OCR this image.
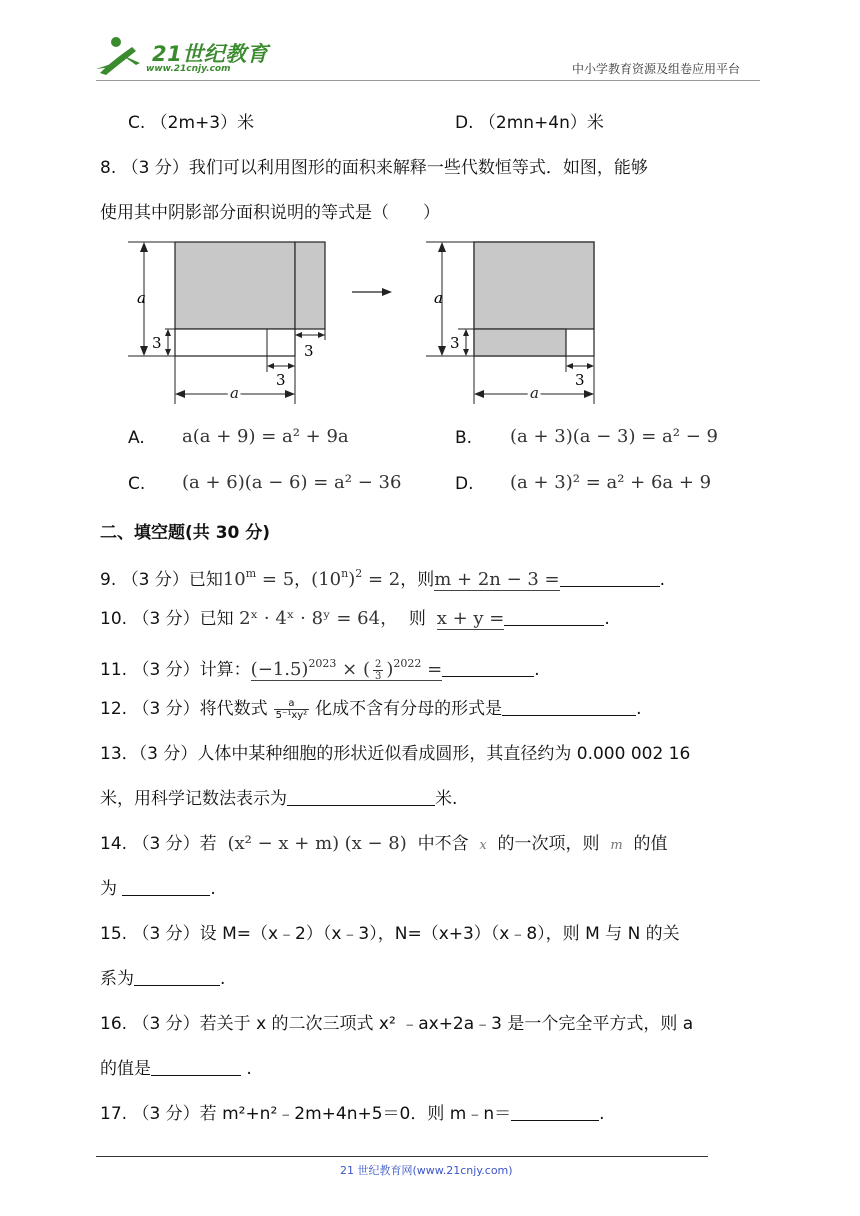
21世纪教育
www.21cnjy.com	中小学教育资源及组卷应用平台
C. （2m+3）米	D. （2mn+4n）米
8. （3 分）我们可以利用图形的面积来解释一些代数恒等式．如图，能够
使用其中阴影部分面积说明的等式是（　　）
a
3	3
3
a
a
3
3
a
A. a(a + 9) = a² + 9a	B. (a + 3)(a − 3) = a² − 9
C. (a + 6)(a − 6) = a² − 36	D. (a + 3)² = a² + 6a + 9
二、填空题(共 30 分)
9. （3 分）已知$10^m = 5$，$(10^n)^2 = 2$，则m + 2n − 3 =	.
10. （3 分）已知 2ˣ · 4ˣ · 8ʸ = 64， 则 x + y =	.
11. （3 分）计算：$(-1.5)^{2023}$ × ( $\frac{2}{3} )^{2022}$ =	.
12. （3 分）将代数式 $\frac{a}{\text{5⁻¹xy²}}$ 化成不含有分母的形式是	.
13．（3 分）人体中某种细胞的形状近似看成圆形，其直径约为 0.000 002 16
米，用科学记数法表示为	米.
14. （3 分）若 (x² − x + m) (x − 8) 中不含 x 的一次项，则 m 的值
为	.
15. （3 分）设 M=（x﹣2）（x﹣3），N=（x+3）（x﹣8），则 M 与 N 的关
系为	.
16. （3 分）若关于 x 的二次三项式 x² ﹣ax+2a﹣3 是一个完全平方式，则 a
的值是	.
17. （3 分）若 m²+n²﹣2m+4n+5＝0．则 m﹣n＝	.
21 世纪教育网(www.21cnjy.com)
